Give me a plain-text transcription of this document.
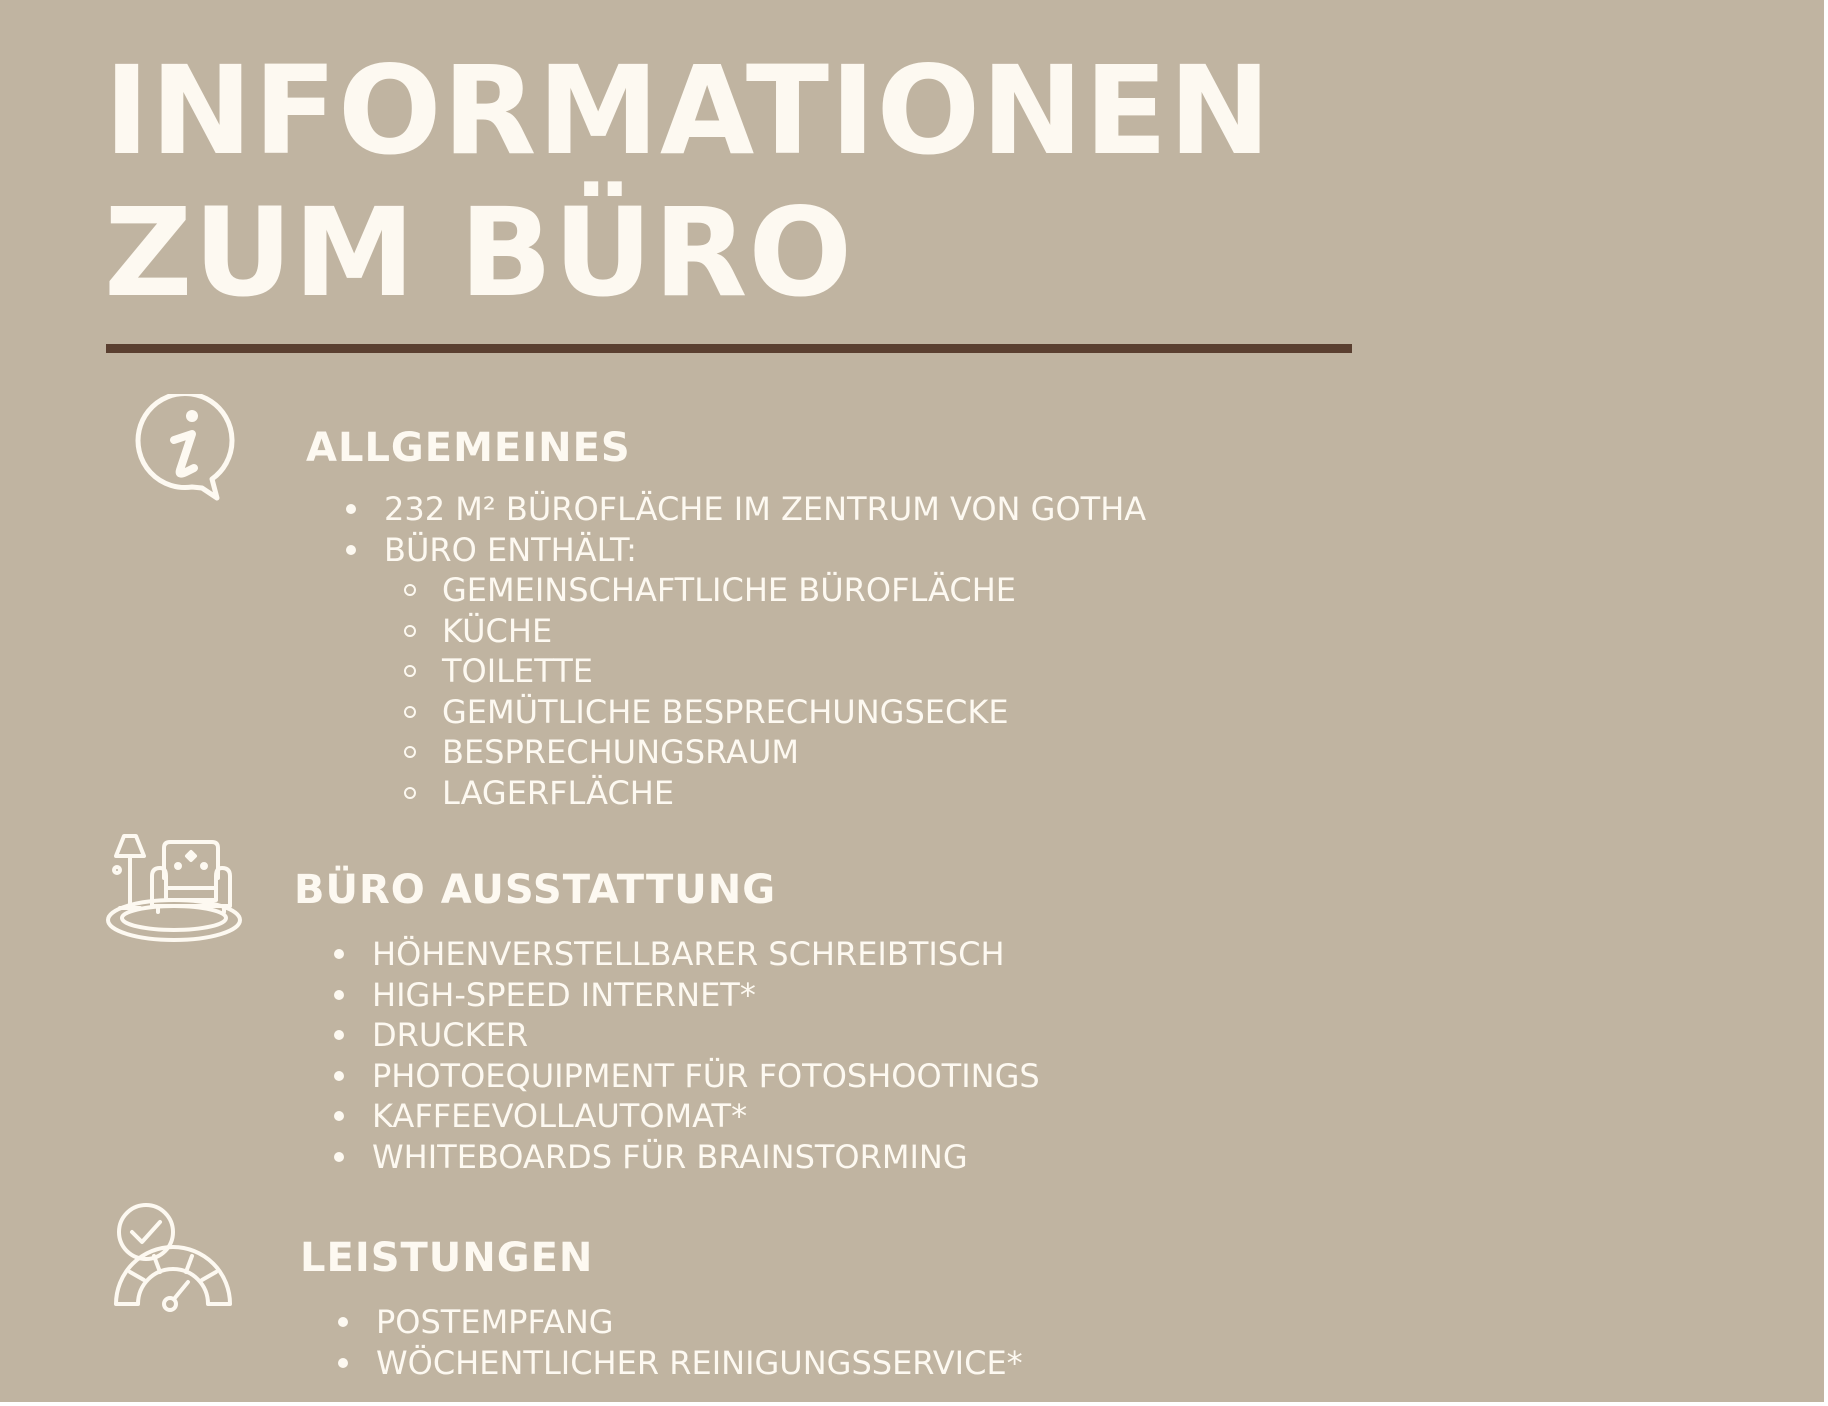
INFORMATIONEN
ZUM BÜRO
ALLGEMEINES
232 M² BÜROFLÄCHE IM ZENTRUM VON GOTHA
BÜRO ENTHÄLT:
GEMEINSCHAFTLICHE BÜROFLÄCHE
KÜCHE
TOILETTE
GEMÜTLICHE BESPRECHUNGSECKE
BESPRECHUNGSRAUM
LAGERFLÄCHE
BÜRO AUSSTATTUNG
HÖHENVERSTELLBARER SCHREIBTISCH
HIGH-SPEED INTERNET*
DRUCKER
PHOTOEQUIPMENT FÜR FOTOSHOOTINGS
KAFFEEVOLLAUTOMAT*
WHITEBOARDS FÜR BRAINSTORMING
LEISTUNGEN
POSTEMPFANG
WÖCHENTLICHER REINIGUNGSSERVICE*
